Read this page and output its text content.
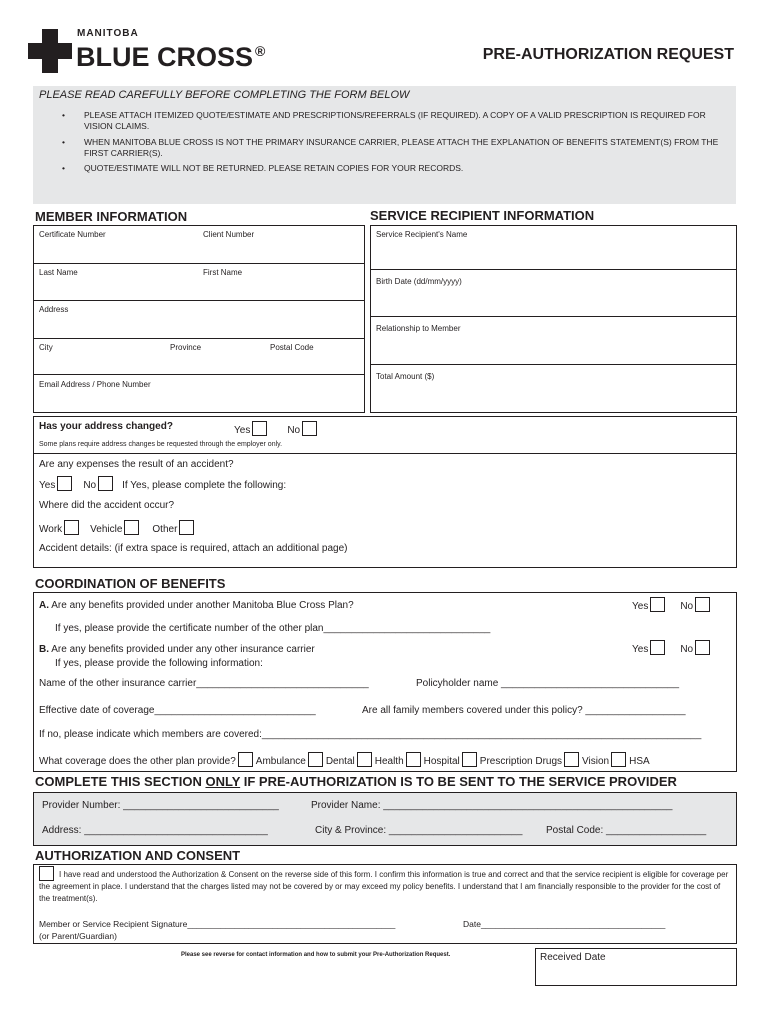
MANITOBA
BLUE CROSS ®	PRE-AUTHORIZATION REQUEST
PLEASE READ CAREFULLY BEFORE COMPLETING THE FORM BELOW
• PLEASE ATTACH ITEMIZED QUOTE/ESTIMATE AND PRESCRIPTIONS/REFERRALS (IF REQUIRED). A COPY OF A VALID PRESCRIPTION IS REQUIRED FOR VISION CLAIMS.
• WHEN MANITOBA BLUE CROSS IS NOT THE PRIMARY INSURANCE CARRIER, PLEASE ATTACH THE EXPLANATION OF BENEFITS STATEMENT(S) FROM THE FIRST CARRIER(S).
• QUOTE/ESTIMATE WILL NOT BE RETURNED. PLEASE RETAIN COPIES FOR YOUR RECORDS.
MEMBER INFORMATION	SERVICE RECIPIENT INFORMATION
Certificate Number	Client Number
Last Name	First Name
Address
City	Province	Postal Code
Email Address / Phone Number
Service Recipient's Name
Birth Date (dd/mm/yyyy)
Relationship to Member
Total Amount ($)
Has your address changed?	Yes	No
Some plans require address changes be requested through the employer only.
Are any expenses the result of an accident?
Yes	No	If Yes, please complete the following:
Where did the accident occur?
Work	Vehicle	Other
Accident details: (if extra space is required, attach an additional page)
COORDINATION OF BENEFITS
A. Are any benefits provided under another Manitoba Blue Cross Plan?	Yes	No
If yes, please provide the certificate number of the other plan______________________________
B. Are any benefits provided under any other insurance carrier	Yes	No
If yes, please provide the following information:
Name of the other insurance carrier_______________________________	Policyholder name ________________________________
Effective date of coverage_____________________________	Are all family members covered under this policy? __________________
If no, please indicate which members are covered:_______________________________________________________________________________
What coverage does the other plan provide? Ambulance Dental Health Hospital Prescription Drugs Vision HSA
COMPLETE THIS SECTION ONLY IF PRE-AUTHORIZATION IS TO BE SENT TO THE SERVICE PROVIDER
Provider Number: ____________________________	Provider Name: ____________________________________________________
Address: _________________________________	City & Province: ________________________ Postal Code: __________________
AUTHORIZATION AND CONSENT
I have read and understood the Authorization & Consent on the reverse side of this form. I confirm this information is true and correct and that the service recipient is eligible for coverage per the agreement in place. I understand that the charges listed may not be covered by or may exceed my policy benefits. I understand that I am financially responsible to the provider for the cost of the treatment(s).
Member or Service Recipient Signature____________________________________________	Date_______________________________________
(or Parent/Guardian)
Please see reverse for contact information and how to submit your Pre-Authorization Request.	Received Date
